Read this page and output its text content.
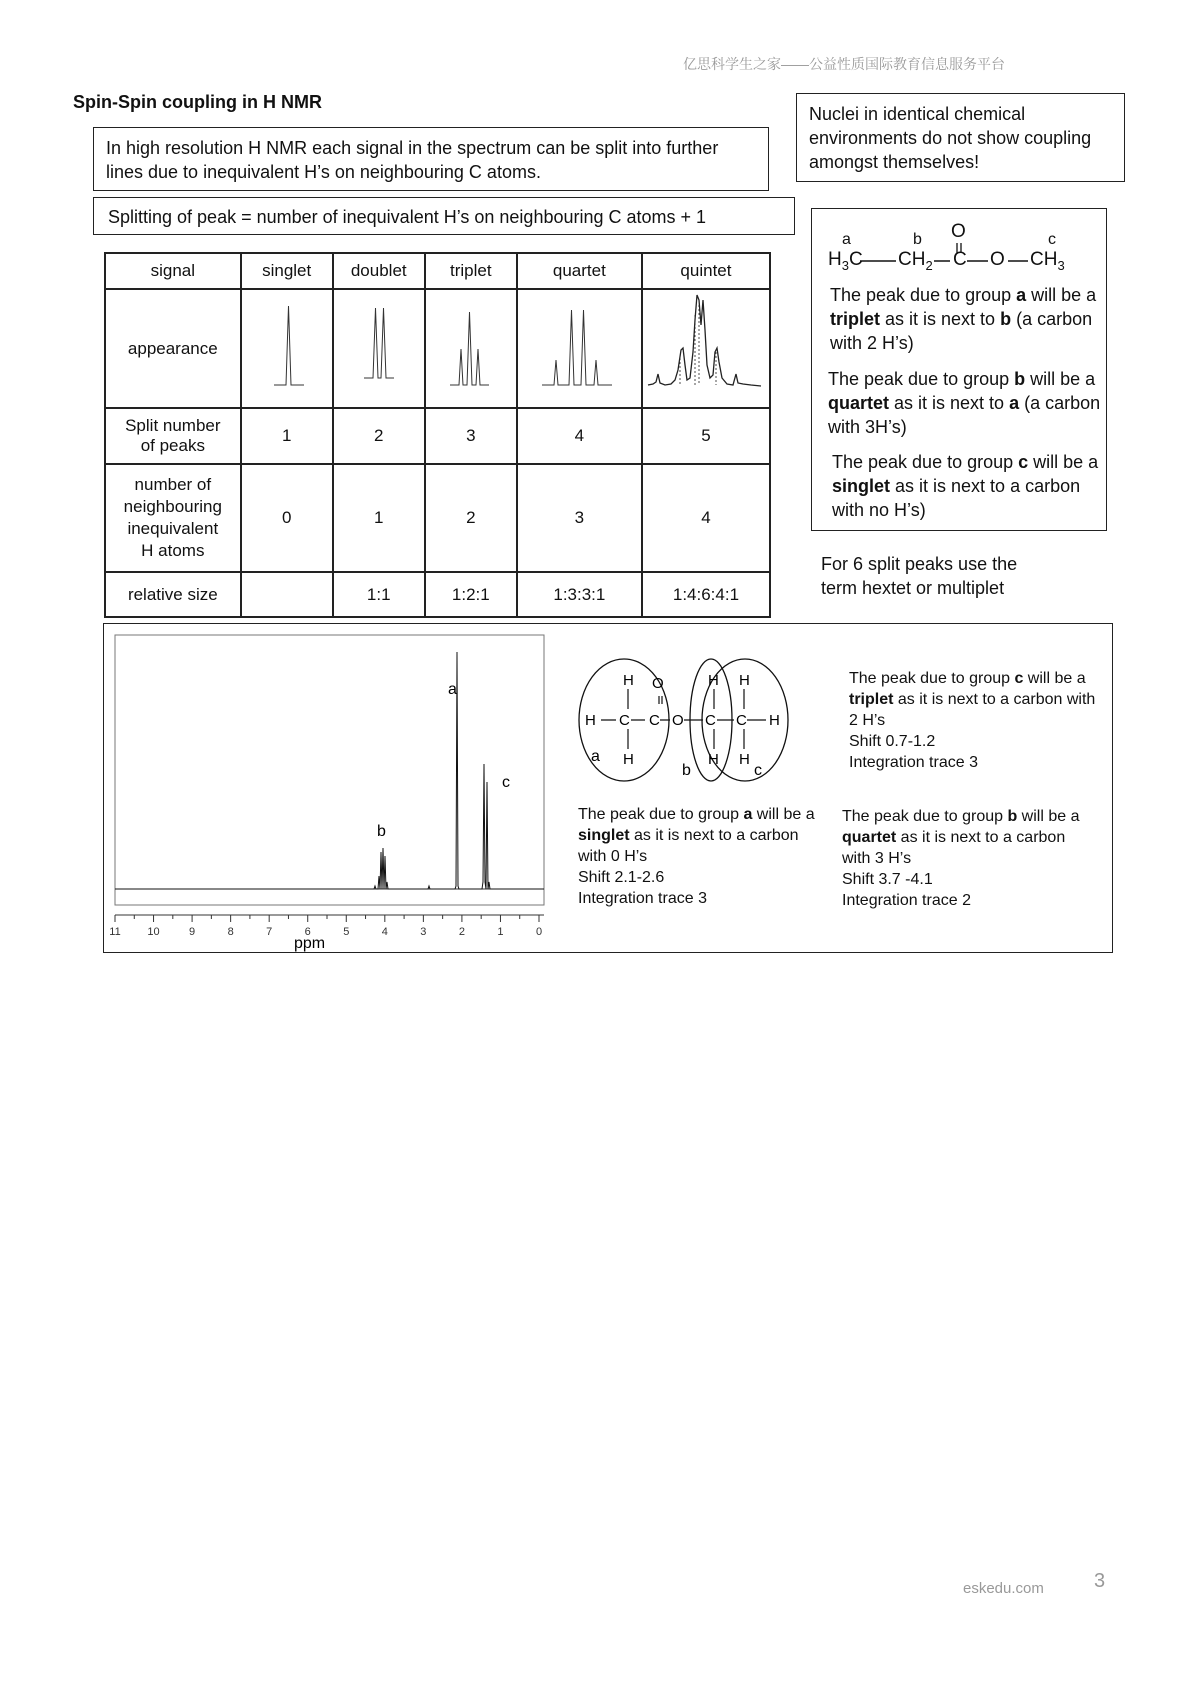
亿思科学生之家——公益性质国际教育信息服务平台
Spin-Spin coupling in H NMR
In high resolution H NMR each signal in the spectrum can be split into further lines due to inequivalent H’s on neighbouring C atoms.
Splitting of peak = number of inequivalent H’s on neighbouring C atoms + 1
Nuclei in identical chemical environments do not show coupling amongst themselves!
signal	singlet	doublet	triplet	quartet	quintet
appearance					
Split number of peaks	1	2	3	4	5
number of neighbouring inequivalent H atoms	0	1	2	3	4
relative size		1:1	1:2:1	1:3:3:1	1:4:6:4:1
a	b	c
O
$H_3C$ $CH_2$ C O $CH_3$
The peak due to group a will be a triplet as it is next to b (a carbon with 2 H’s)
The peak due to group b will be a quartet as it is next to a (a carbon with 3H’s)
The peak due to group c will be a singlet as it is next to a carbon with no H’s)
For 6 split peaks use the term hextet or multiplet
11 10	9	8	7	6	5	4	3	2	1	0
a
b
c
ppm
H C
H
H
C
O
O C
H
H
C
H
H
H
a
b	c
The peak due to group c will be a triplet as it is next to a carbon with 2 H’s
Shift 0.7-1.2
Integration trace 3
The peak due to group a will be a singlet as it is next to a carbon with 0 H’s
Shift 2.1-2.6
Integration trace 3
The peak due to group b will be a quartet as it is next to a carbon with 3 H’s
Shift 3.7 -4.1
Integration trace 2
eskedu.com	3
